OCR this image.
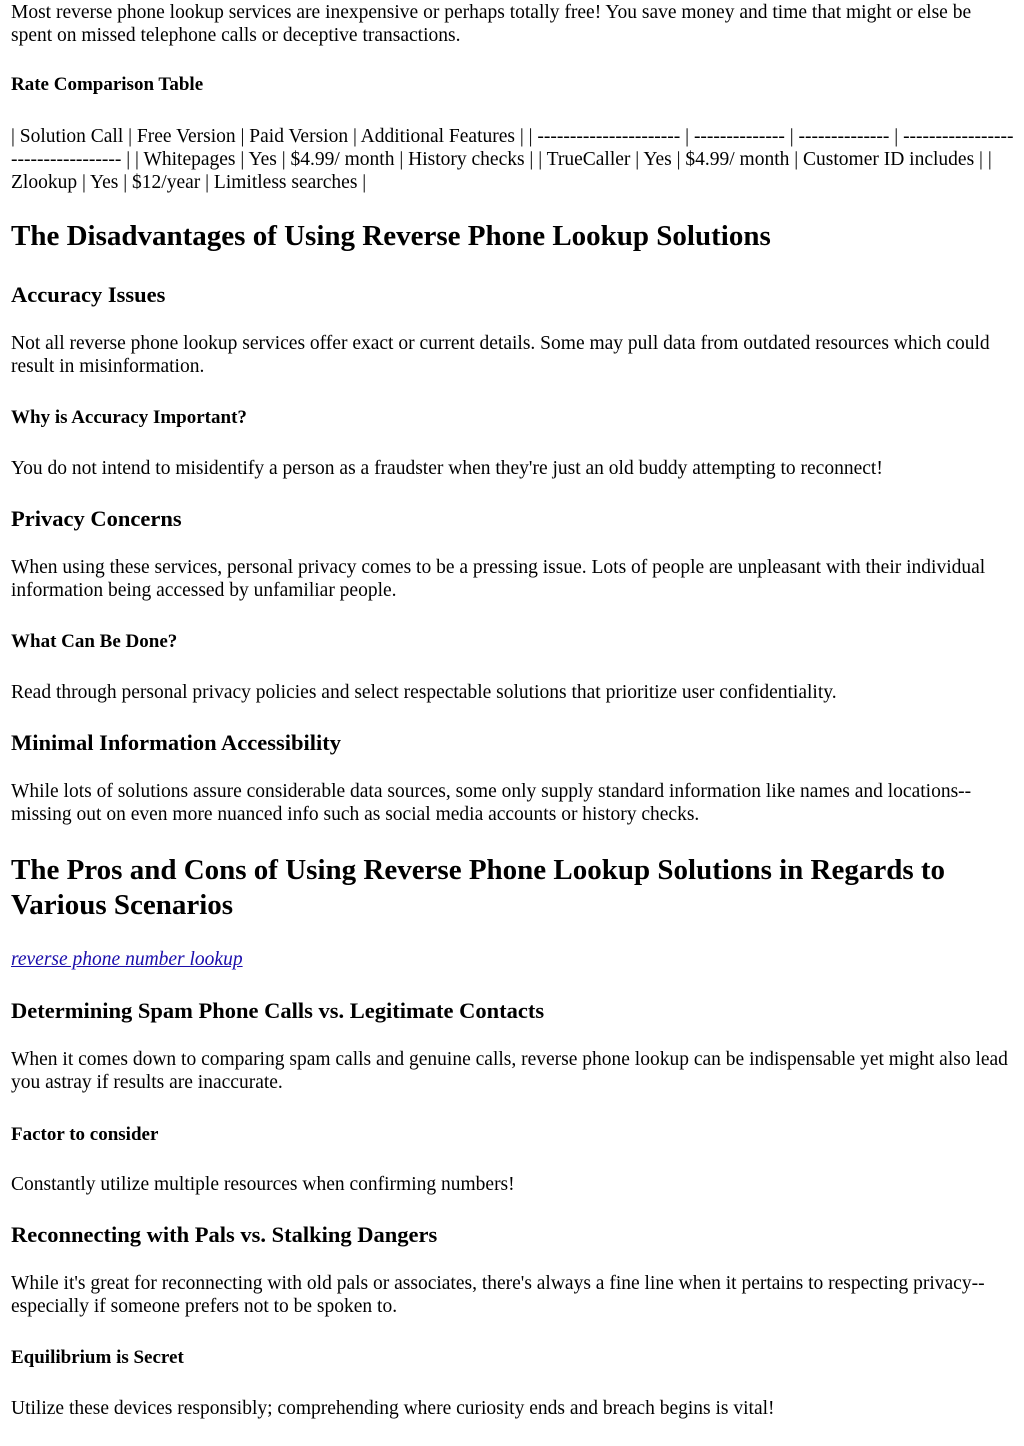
Most reverse phone lookup services are inexpensive or perhaps totally free! You save money and time that might or else be spent on missed telephone calls or deceptive transactions.

Rate Comparison Table

| Solution Call | Free Version | Paid Version | Additional Features | | ---------------------- | -------------- | -------------- | ---------------------------------- | | Whitepages | Yes | $4.99/ month | History checks | | TrueCaller | Yes | $4.99/ month | Customer ID includes | | Zlookup | Yes | $12/year | Limitless searches |

The Disadvantages of Using Reverse Phone Lookup Solutions
Accuracy Issues

Not all reverse phone lookup services offer exact or current details. Some may pull data from outdated resources which could result in misinformation.

Why is Accuracy Important?

You do not intend to misidentify a person as a fraudster when they're just an old buddy attempting to reconnect!

Privacy Concerns

When using these services, personal privacy comes to be a pressing issue. Lots of people are unpleasant with their individual information being accessed by unfamiliar people.

What Can Be Done?

Read through personal privacy policies and select respectable solutions that prioritize user confidentiality.

Minimal Information Accessibility

While lots of solutions assure considerable data sources, some only supply standard information like names and locations-- missing out on even more nuanced info such as social media accounts or history checks.

The Pros and Cons of Using Reverse Phone Lookup Solutions in Regards to Various Scenarios

reverse phone number lookup

Determining Spam Phone Calls vs. Legitimate Contacts

When it comes down to comparing spam calls and genuine calls, reverse phone lookup can be indispensable yet might also lead you astray if results are inaccurate.

Factor to consider

Constantly utilize multiple resources when confirming numbers!

Reconnecting with Pals vs. Stalking Dangers

While it's great for reconnecting with old pals or associates, there's always a fine line when it pertains to respecting privacy-- especially if someone prefers not to be spoken to.

Equilibrium is Secret

Utilize these devices responsibly; comprehending where curiosity ends and breach begins is vital!
